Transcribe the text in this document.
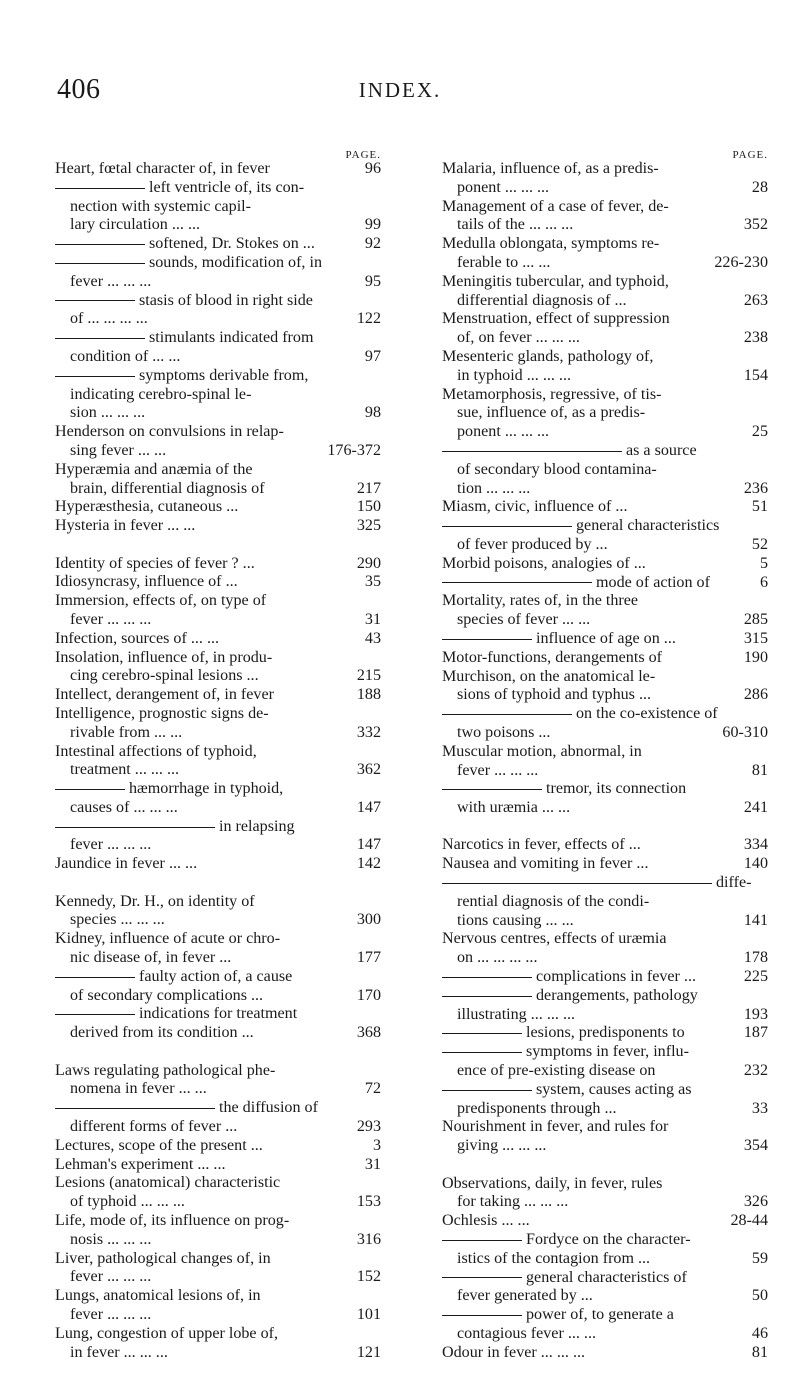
406	INDEX.
PAGE.
96
Heart, fœtal character of, in fever
left ventricle of, its con-
nection with systemic capil-
99
lary circulation ... ...
92
softened, Dr. Stokes on ...
sounds, modification of, in
95
fever ... ... ...
stasis of blood in right side
122
of ... ... ... ...
stimulants indicated from
97
condition of ... ...
symptoms derivable from,
indicating cerebro-spinal le-
98
sion ... ... ...
Henderson on convulsions in relap-
176-372
sing fever ... ...
Hyperæmia and anæmia of the
217
brain, differential diagnosis of
150
Hyperæsthesia, cutaneous ...
325
Hysteria in fever ... ...
290
Identity of species of fever ? ...
35
Idiosyncrasy, influence of ...
Immersion, effects of, on type of
31
fever ... ... ...
43
Infection, sources of ... ...
Insolation, influence of, in produ-
215
cing cerebro-spinal lesions ...
188
Intellect, derangement of, in fever
Intelligence, prognostic signs de-
332
rivable from ... ...
Intestinal affections of typhoid,
362
treatment ... ... ...
hæmorrhage in typhoid,
147
causes of ... ... ...
in relapsing
147
fever ... ... ...
142
Jaundice in fever ... ...
Kennedy, Dr. H., on identity of
300
species ... ... ...
Kidney, influence of acute or chro-
177
nic disease of, in fever ...
faulty action of, a cause
170
of secondary complications ...
indications for treatment
368
derived from its condition ...
Laws regulating pathological phe-
72
nomena in fever ... ...
the diffusion of
293
different forms of fever ...
3
Lectures, scope of the present ...
31
Lehman's experiment ... ...
Lesions (anatomical) characteristic
153
of typhoid ... ... ...
Life, mode of, its influence on prog-
316
nosis ... ... ...
Liver, pathological changes of, in
152
fever ... ... ...
Lungs, anatomical lesions of, in
101
fever ... ... ...
Lung, congestion of upper lobe of,
121
in fever ... ... ...
PAGE.
Malaria, influence of, as a predis-
28
ponent ... ... ...
Management of a case of fever, de-
352
tails of the ... ... ...
Medulla oblongata, symptoms re-
226-230
ferable to ... ...
Meningitis tubercular, and typhoid,
263
differential diagnosis of ...
Menstruation, effect of suppression
238
of, on fever ... ... ...
Mesenteric glands, pathology of,
154
in typhoid ... ... ...
Metamorphosis, regressive, of tis-
sue, influence of, as a predis-
25
ponent ... ... ...
as a source
of secondary blood contamina-
236
tion ... ... ...
51
Miasm, civic, influence of ...
general characteristics
52
of fever produced by ...
5
Morbid poisons, analogies of ...
6
mode of action of
Mortality, rates of, in the three
285
species of fever ... ...
315
influence of age on ...
190
Motor-functions, derangements of
Murchison, on the anatomical le-
286
sions of typhoid and typhus ...
on the co-existence of
60-310
two poisons ...
Muscular motion, abnormal, in
81
fever ... ... ...
tremor, its connection
241
with uræmia ... ...
334
Narcotics in fever, effects of ...
140
Nausea and vomiting in fever ...
diffe-
rential diagnosis of the condi-
141
tions causing ... ...
Nervous centres, effects of uræmia
178
on ... ... ... ...
225
complications in fever ...
derangements, pathology
193
illustrating ... ... ...
187
lesions, predisponents to
symptoms in fever, influ-
232
ence of pre-existing disease on
system, causes acting as
33
predisponents through ...
Nourishment in fever, and rules for
354
giving ... ... ...
Observations, daily, in fever, rules
326
for taking ... ... ...
28-44
Ochlesis ... ...
Fordyce on the character-
59
istics of the contagion from ...
general characteristics of
50
fever generated by ...
power of, to generate a
46
contagious fever ... ...
81
Odour in fever ... ... ...
